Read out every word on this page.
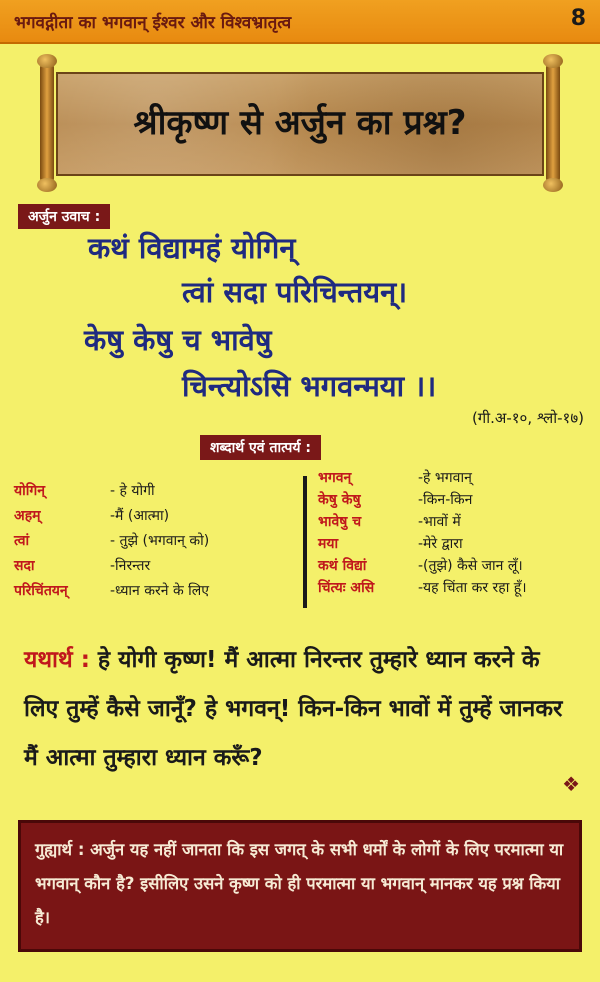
भगवद्गीता का भगवान् ईश्वर और विश्वभ्रातृत्व	8
श्रीकृष्ण से अर्जुन का प्रश्न?
अर्जुन उवाच :
कथं विद्यामहं योगिन्
त्वां सदा परिचिन्तयन्।
केषु केषु च भावेषु
चिन्त्योऽसि भगवन्मया ।।
(गी.अ-१०, श्लो-१७)
शब्दार्थ एवं तात्पर्य :
योगिन्	- हे योगी
अहम्	-मैं (आत्मा)
त्वां	- तुझे (भगवान् को)
सदा	-निरन्तर
परिचिंतयन्	-ध्यान करने के लिए
भगवन्	-हे भगवान्
केषु केषु	-किन-किन
भावेषु च	-भावों में
मया	-मेरे द्वारा
कथं विद्यां	-(तुझे) कैसे जान लूँ।
चिंत्यः असि	-यह चिंता कर रहा हूँ।
यथार्थ : हे योगी कृष्ण! मैं आत्मा निरन्तर तुम्हारे ध्यान करने के लिए तुम्हें कैसे जानूँ? हे भगवन्! किन-किन भावों में तुम्हें जानकर मैं आत्मा तुम्हारा ध्यान करूँ?
❖
गुह्यार्थ : अर्जुन यह नहीं जानता कि इस जगत् के सभी धर्मों के लोगों के लिए परमात्मा या भगवान् कौन है? इसीलिए उसने कृष्ण को ही परमात्मा या भगवान् मानकर यह प्रश्न किया है।
